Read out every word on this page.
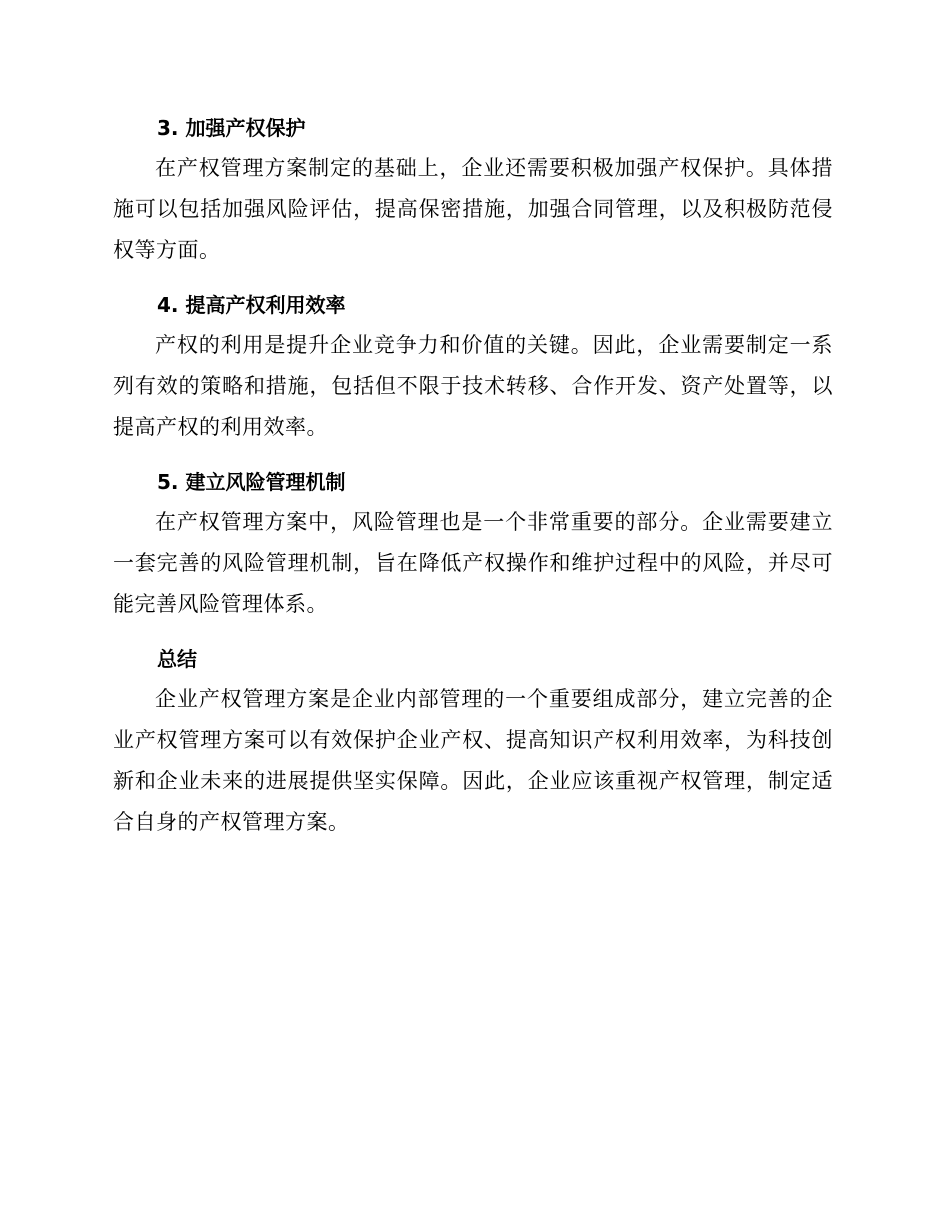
3. 加强产权保护

在产权管理方案制定的基础上，企业还需要积极加强产权保护。具体措施可以包括加强风险评估，提高保密措施，加强合同管理，以及积极防范侵权等方面。

4. 提高产权利用效率

产权的利用是提升企业竞争力和价值的关键。因此，企业需要制定一系列有效的策略和措施，包括但不限于技术转移、合作开发、资产处置等，以提高产权的利用效率。

5. 建立风险管理机制

在产权管理方案中，风险管理也是一个非常重要的部分。企业需要建立一套完善的风险管理机制，旨在降低产权操作和维护过程中的风险，并尽可能完善风险管理体系。

总结

企业产权管理方案是企业内部管理的一个重要组成部分，建立完善的企业产权管理方案可以有效保护企业产权、提高知识产权利用效率，为科技创新和企业未来的进展提供坚实保障。因此，企业应该重视产权管理，制定适合自身的产权管理方案。
